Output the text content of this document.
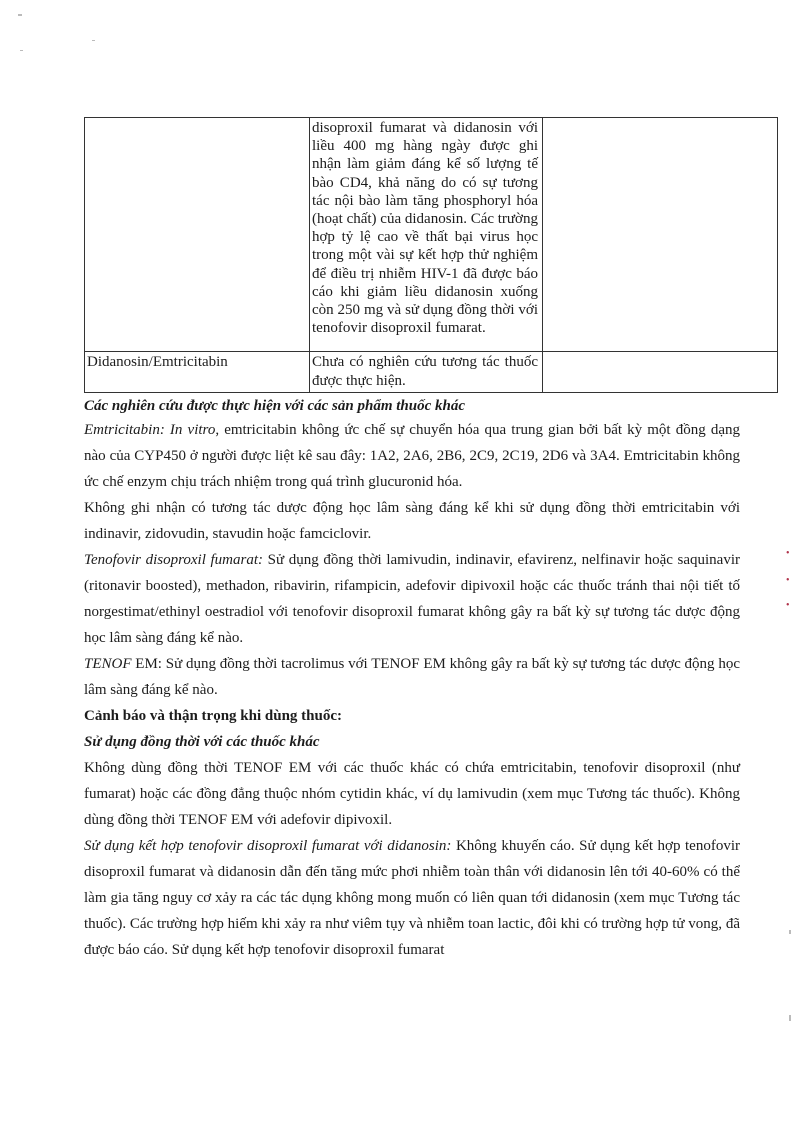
	disoproxil fumarat và didanosin với liều 400 mg hàng ngày được ghi nhận làm giảm đáng kể số lượng tế bào CD4, khả năng do có sự tương tác nội bào làm tăng phosphoryl hóa (hoạt chất) của didanosin. Các trường hợp tỷ lệ cao về thất bại virus học trong một vài sự kết hợp thử nghiệm để điều trị nhiễm HIV-1 đã được báo cáo khi giảm liều didanosin xuống còn 250 mg và sử dụng đồng thời với tenofovir disoproxil fumarat.	

Didanosin/Emtricitabin	Chưa có nghiên cứu tương tác thuốc được thực hiện.	

Các nghiên cứu được thực hiện với các sản phẩm thuốc khác

Emtricitabin: In vitro, emtricitabin không ức chế sự chuyển hóa qua trung gian bởi bất kỳ một đồng dạng nào của CYP450 ở người được liệt kê sau đây: 1A2, 2A6, 2B6, 2C9, 2C19, 2D6 và 3A4. Emtricitabin không ức chế enzym chịu trách nhiệm trong quá trình glucuronid hóa.

Không ghi nhận có tương tác dược động học lâm sàng đáng kể khi sử dụng đồng thời emtricitabin với indinavir, zidovudin, stavudin hoặc famciclovir.

Tenofovir disoproxil fumarat: Sử dụng đồng thời lamivudin, indinavir, efavirenz, nelfinavir hoặc saquinavir (ritonavir boosted), methadon, ribavirin, rifampicin, adefovir dipivoxil hoặc các thuốc tránh thai nội tiết tố norgestimat/ethinyl oestradiol với tenofovir disoproxil fumarat không gây ra bất kỳ sự tương tác dược động học lâm sàng đáng kể nào.

TENOF EM: Sử dụng đồng thời tacrolimus với TENOF EM không gây ra bất kỳ sự tương tác dược động học lâm sàng đáng kể nào.

Cảnh báo và thận trọng khi dùng thuốc:

Sử dụng đồng thời với các thuốc khác

Không dùng đồng thời TENOF EM với các thuốc khác có chứa emtricitabin, tenofovir disoproxil (như fumarat) hoặc các đồng đẳng thuộc nhóm cytidin khác, ví dụ lamivudin (xem mục Tương tác thuốc). Không dùng đồng thời TENOF EM với adefovir dipivoxil.

Sử dụng kết hợp tenofovir disoproxil fumarat với didanosin: Không khuyến cáo. Sử dụng kết hợp tenofovir disoproxil fumarat và didanosin dẫn đến tăng mức phơi nhiễm toàn thân với didanosin lên tới 40-60% có thể làm gia tăng nguy cơ xảy ra các tác dụng không mong muốn có liên quan tới didanosin (xem mục Tương tác thuốc). Các trường hợp hiếm khi xảy ra như viêm tụy và nhiễm toan lactic, đôi khi có trường hợp tử vong, đã được báo cáo. Sử dụng kết hợp tenofovir disoproxil fumarat

•
•
•
